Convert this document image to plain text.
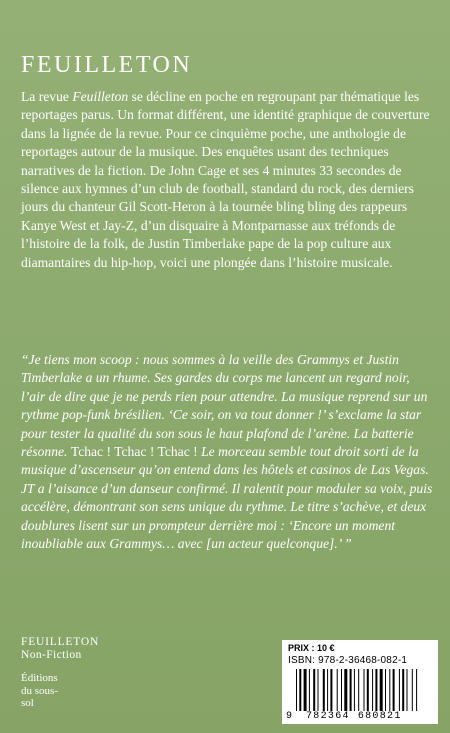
FEUILLETON

La revue Feuilleton se décline en poche en regroupant par thématique les reportages parus. Un format différent, une identité graphique de couverture dans la lignée de la revue. Pour ce cinquième poche, une anthologie de reportages autour de la musique. Des enquêtes usant des techniques narratives de la fiction. De John Cage et ses 4 minutes 33 secondes de silence aux hymnes d’un club de football, standard du rock, des derniers jours du chanteur Gil Scott-Heron à la tournée bling bling des rappeurs Kanye West et Jay-Z, d’un disquaire à Montparnasse aux tréfonds de l’histoire de la folk, de Justin Timberlake pape de la pop culture aux diamantaires du hip-hop, voici une plongée dans l’histoire musicale.

“Je tiens mon scoop : nous sommes à la veille des Grammys et Justin Timberlake a un rhume. Ses gardes du corps me lancent un regard noir, l’air de dire que je ne perds rien pour attendre. La musique reprend sur un rythme pop-funk brésilien. ‘Ce soir, on va tout donner !’ s’exclame la star pour tester la qualité du son sous le haut plafond de l’arène. La batterie résonne. Tchac ! Tchac ! Tchac ! Le morceau semble tout droit sorti de la musique d’ascenseur qu’on entend dans les hôtels et casinos de Las Vegas. JT a l’aisance d’un danseur confirmé. Il ralentit pour moduler sa voix, puis accélère, démontrant son sens unique du rythme. Le titre s’achève, et deux doublures lisent sur un prompteur derrière moi : ‘Encore un moment inoubliable aux Grammys… avec [un acteur quelconque].’ ”

FEUILLETON
Non-Fiction
Éditions
du sous-
sol
PRIX : 10 €
ISBN: 978-2-36468-082-1
9	782364 680821
